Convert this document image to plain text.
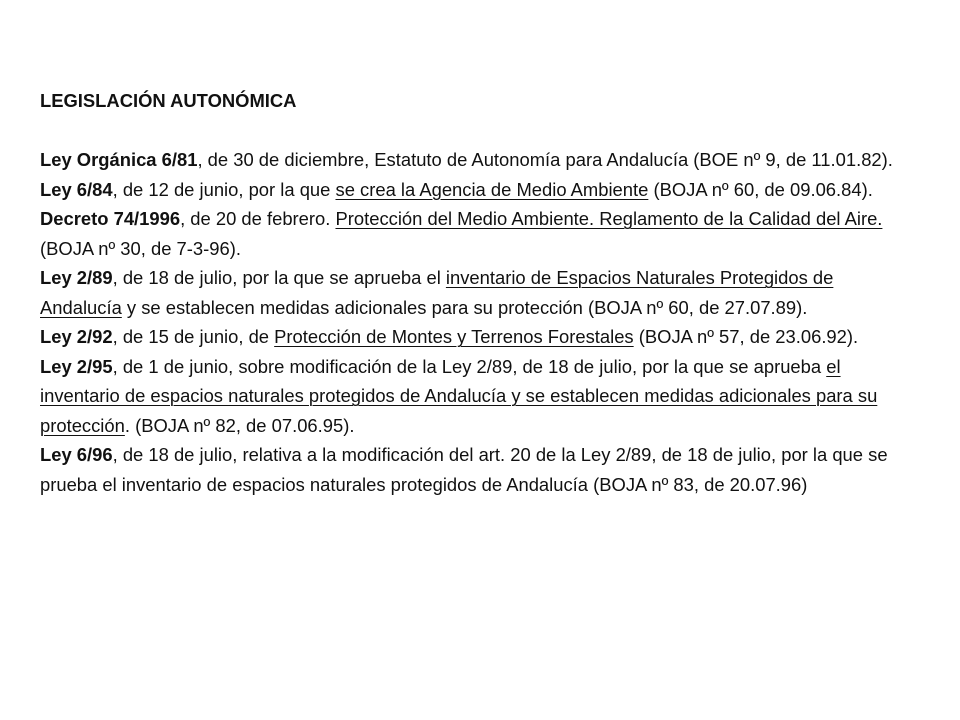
LEGISLACIÓN AUTONÓMICA

Ley Orgánica 6/81, de 30 de diciembre, Estatuto de Autonomía para Andalucía (BOE nº 9, de 11.01.82).

Ley 6/84, de 12 de junio, por la que se crea la Agencia de Medio Ambiente (BOJA nº 60, de 09.06.84).

Decreto 74/1996, de 20 de febrero. Protección del Medio Ambiente. Reglamento de la Calidad del Aire. (BOJA nº 30, de 7-3-96).

Ley 2/89, de 18 de julio, por la que se aprueba el inventario de Espacios Naturales Protegidos de Andalucía y se establecen medidas adicionales para su protección (BOJA nº 60, de 27.07.89).

Ley 2/92, de 15 de junio, de Protección de Montes y Terrenos Forestales (BOJA nº 57, de 23.06.92).

Ley 2/95, de 1 de junio, sobre modificación de la Ley 2/89, de 18 de julio, por la que se aprueba el inventario de espacios naturales protegidos de Andalucía y se establecen medidas adicionales para su protección. (BOJA nº 82, de 07.06.95).

Ley 6/96, de 18 de julio, relativa a la modificación del art. 20 de la Ley 2/89, de 18 de julio, por la que se prueba el inventario de espacios naturales protegidos de Andalucía (BOJA nº 83, de 20.07.96)
